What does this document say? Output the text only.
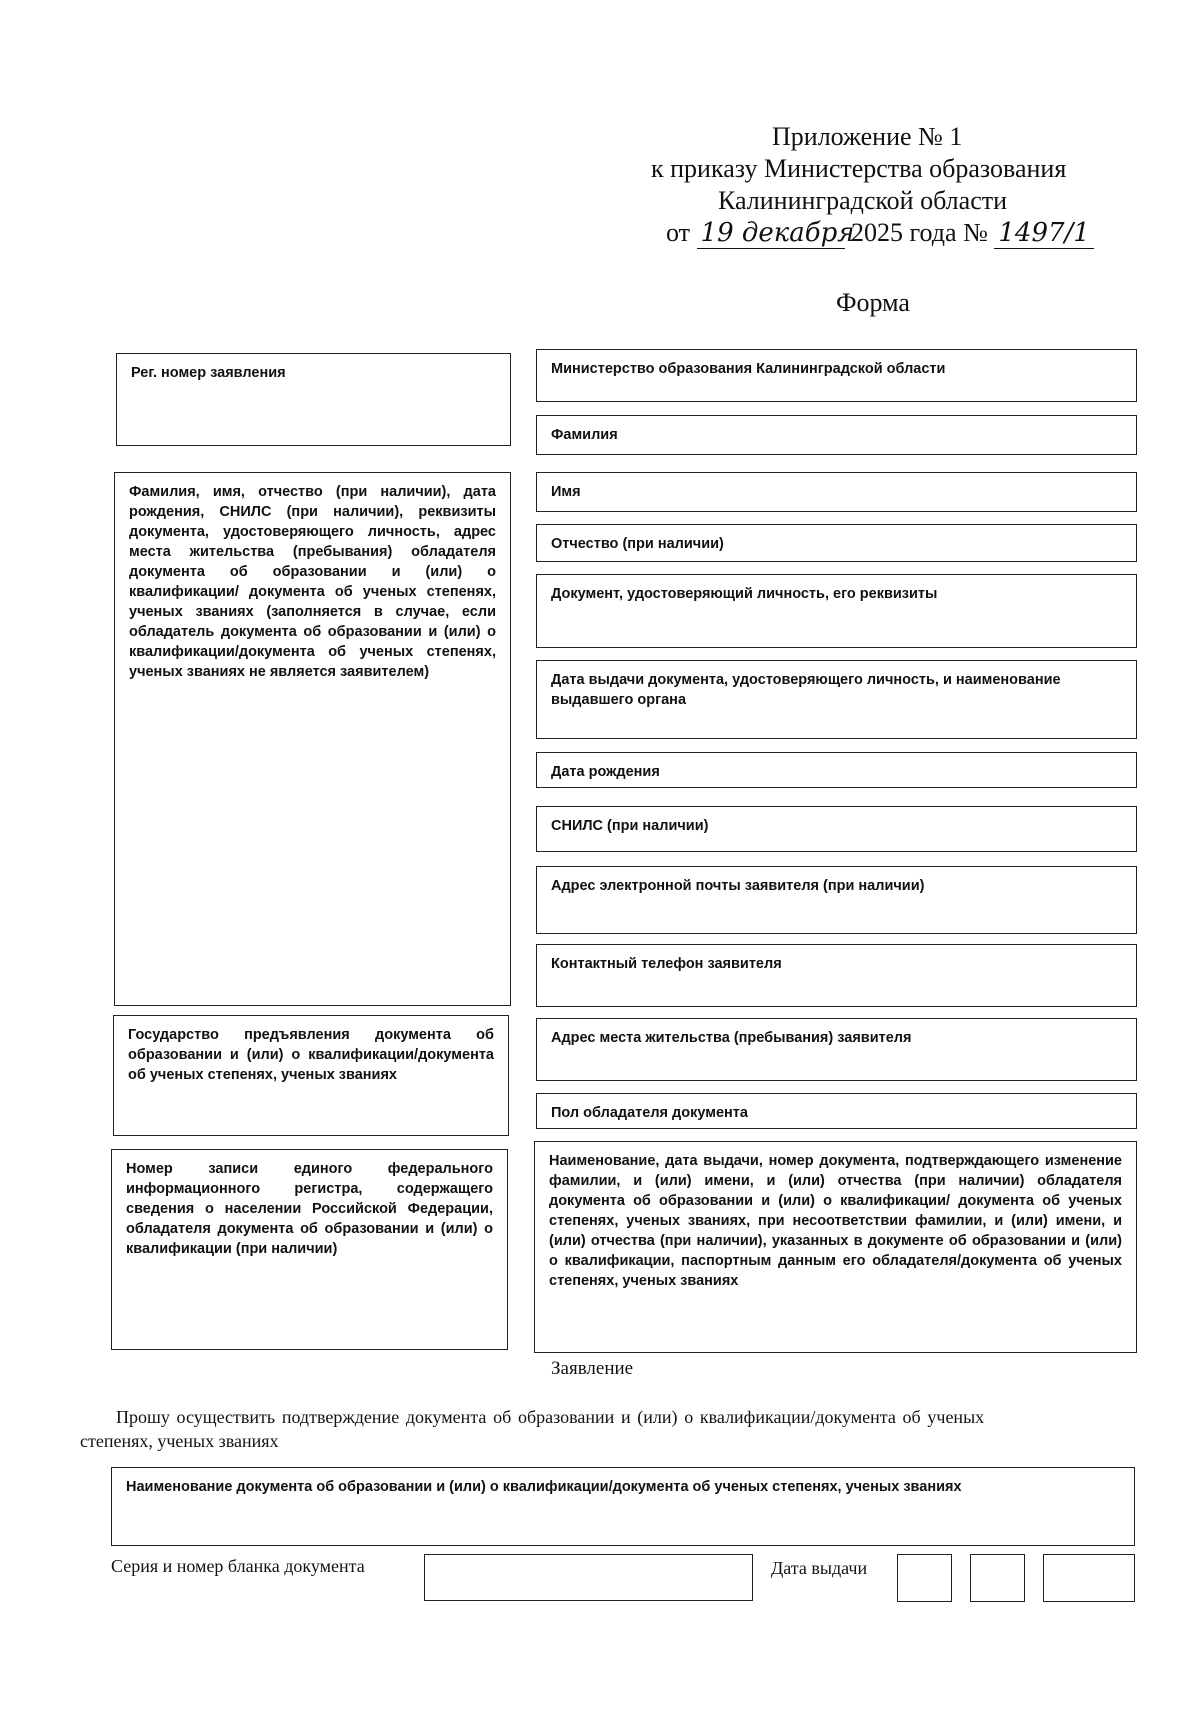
Приложение № 1
к приказу Министерства образования
Калининградской области
от 19 декабря 2025 года № 1497/1
Форма
Рег. номер заявления
Фамилия, имя, отчество (при наличии), дата рождения, СНИЛС (при наличии), реквизиты документа, удостоверяющего личность, адрес места жительства (пребывания) обладателя документа об образовании и (или) о квалификации/ документа об ученых степенях, ученых званиях (заполняется в случае, если обладатель документа об образовании и (или) о квалификации/документа об ученых степенях, ученых званиях не является заявителем)
Государство предъявления документа об образовании и (или) о квалификации/документа об ученых степенях, ученых званиях
Номер записи единого федерального информационного регистра, содержащего сведения о населении Российской Федерации, обладателя документа об образовании и (или) о квалификации (при наличии)
Министерство образования Калининградской области
Фамилия
Имя
Отчество (при наличии)
Документ, удостоверяющий личность, его реквизиты
Дата выдачи документа, удостоверяющего личность, и наименование выдавшего органа
Дата рождения
СНИЛС (при наличии)
Адрес электронной почты заявителя (при наличии)
Контактный телефон заявителя
Адрес места жительства (пребывания) заявителя
Пол обладателя документа
Наименование, дата выдачи, номер документа, подтверждающего изменение фамилии, и (или) имени, и (или) отчества (при наличии) обладателя документа об образовании и (или) о квалификации/ документа об ученых степенях, ученых званиях, при несоответствии фамилии, и (или) имени, и (или) отчества (при наличии), указанных в документе об образовании и (или) о квалификации, паспортным данным его обладателя/документа об ученых степенях, ученых званиях
Заявление
Прошу осуществить подтверждение документа об образовании и (или) о квалификации/документа об ученых
степенях, ученых званиях
Наименование документа об образовании и (или) о квалификации/документа об ученых степенях, ученых званиях
Серия и номер бланка документа	Дата выдачи
